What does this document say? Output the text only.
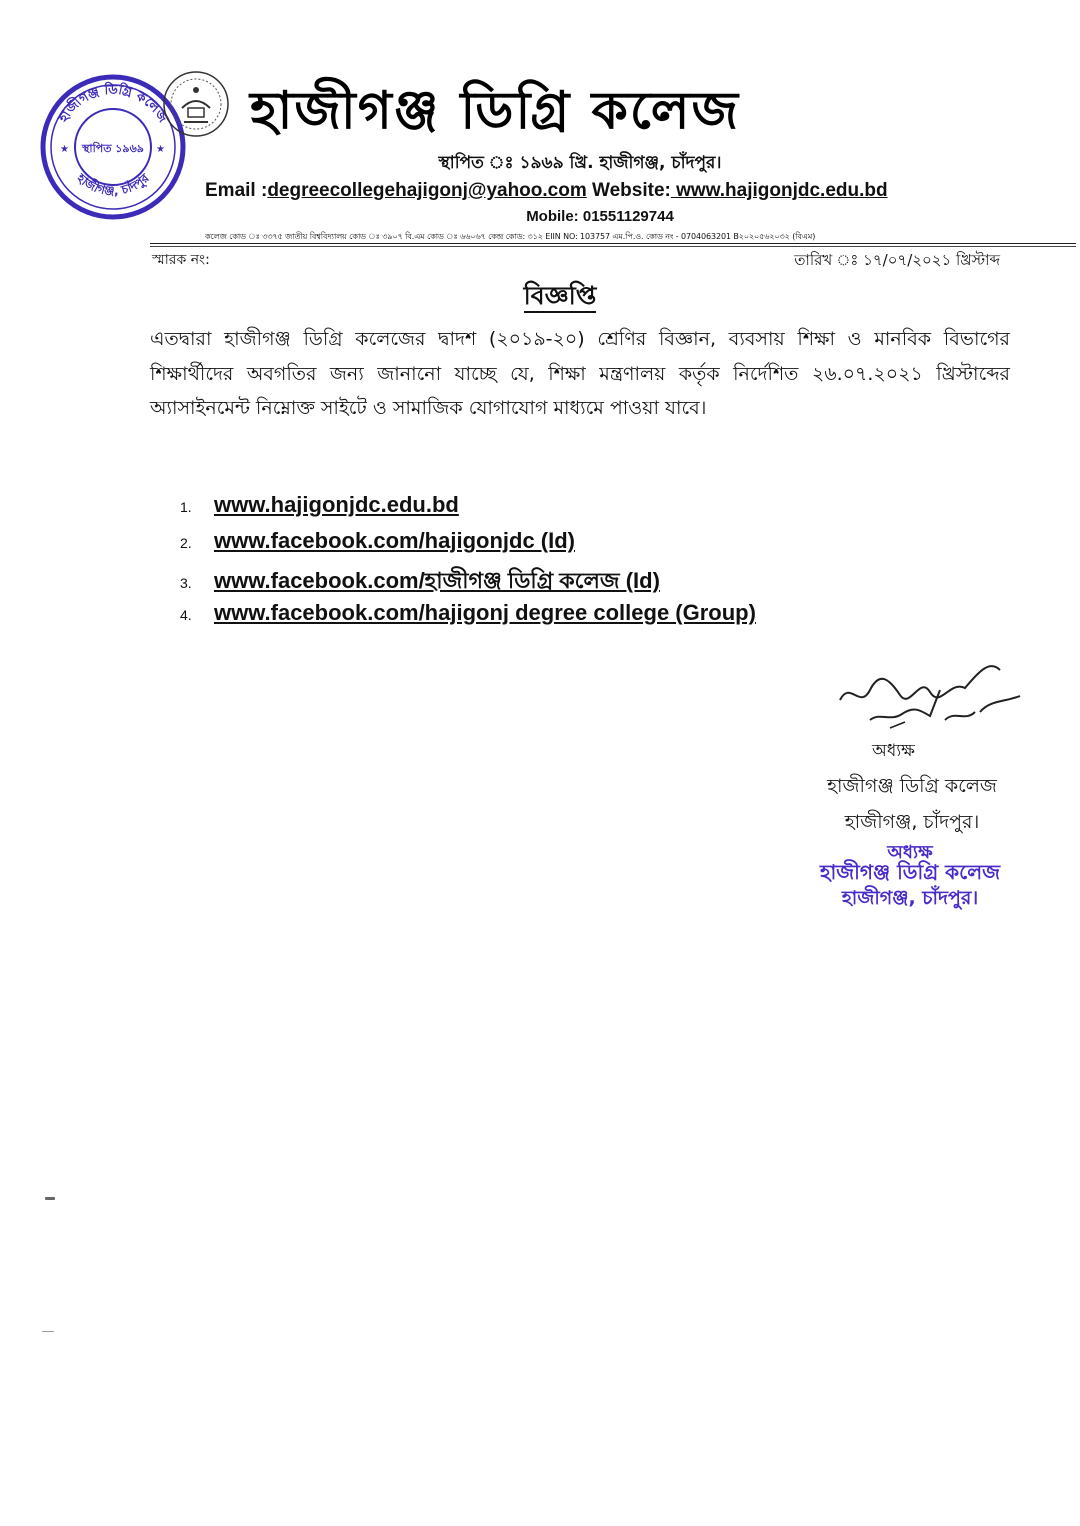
হাজীগঞ্জ ডিগ্রি কলেজ
হাজীগঞ্জ, চাঁদপুর
স্থাপিত ১৯৬৯
★	★
হাজীগঞ্জ ডিগ্রি কলেজ
স্থাপিত ঃ ১৯৬৯ খ্রি. হাজীগঞ্জ, চাঁদপুর।
Email :degreecollegehajigonj@yahoo.com Website: www.hajigonjdc.edu.bd
Mobile: 01551129744
কলেজ কোড ঃ ৩৩৭৫ জাতীয় বিশ্ববিদ্যালয় কোড ঃ ৩৯০৭ বি.এম কোড ঃ ৬৬০৬৭ কেন্দ্র কোড: ৩১২ EIIN NO: 103757 এম.পি.ও. কোড নং - 0704063201 B২০২০৫৬২০৩২ (বিএম)
স্মারক নং:	তারিখ ঃ ১৭/০৭/২০২১ খ্রিস্টাব্দ
বিজ্ঞপ্তি
এতদ্বারা হাজীগঞ্জ ডিগ্রি কলেজের দ্বাদশ (২০১৯-২০) শ্রেণির বিজ্ঞান, ব্যবসায় শিক্ষা ও মানবিক বিভাগের শিক্ষার্থীদের অবগতির জন্য জানানো যাচ্ছে যে, শিক্ষা মন্ত্রণালয় কর্তৃক নির্দেশিত ২৬.০৭.২০২১ খ্রিস্টাব্দের অ্যাসাইনমেন্ট নিম্নোক্ত সাইটে ও সামাজিক যোগাযোগ মাধ্যমে পাওয়া যাবে।
1. www.hajigonjdc.edu.bd
2. www.facebook.com/hajigonjdc (Id)
3. www.facebook.com/হাজীগঞ্জ ডিগ্রি কলেজ (Id)
4. www.facebook.com/hajigonj degree college (Group)
অধ্যক্ষ
হাজীগঞ্জ ডিগ্রি কলেজ
হাজীগঞ্জ, চাঁদপুর।
অধ্যক্ষ
হাজীগঞ্জ ডিগ্রি কলেজ
হাজীগঞ্জ, চাঁদপুর।
